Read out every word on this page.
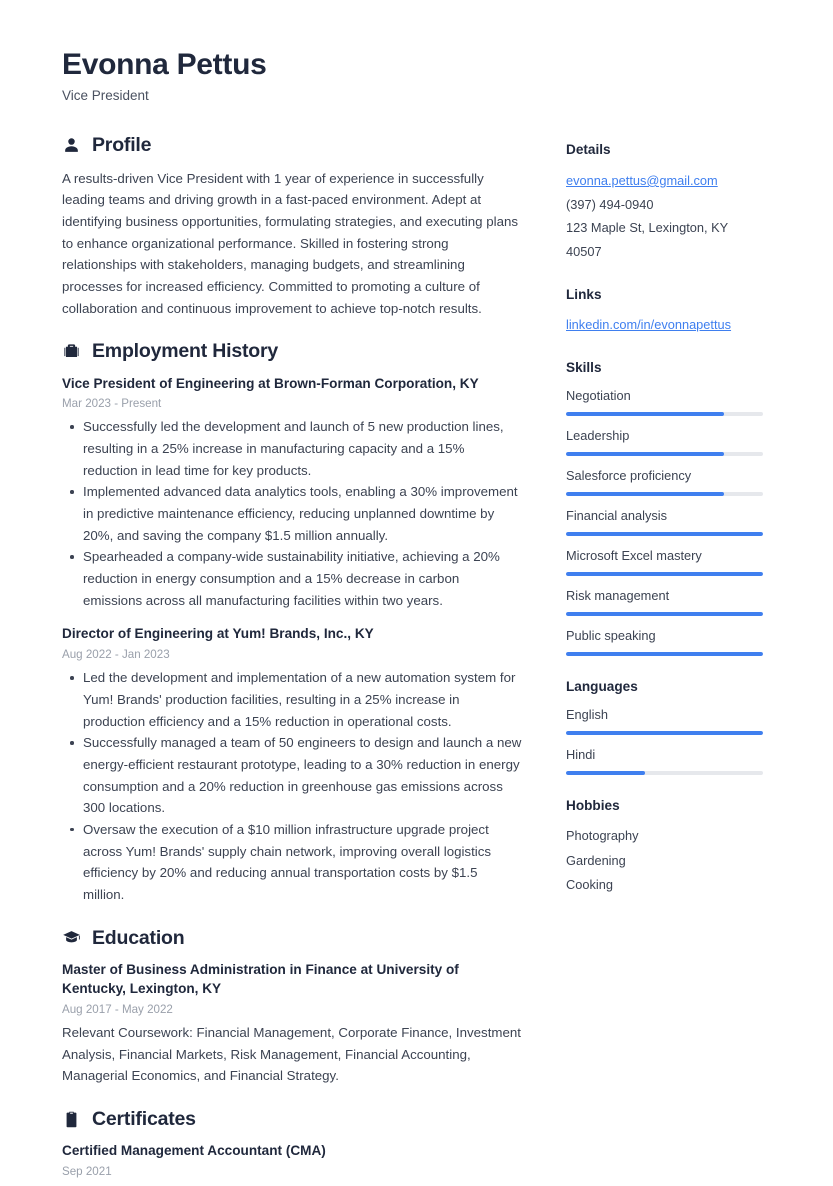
Evonna Pettus
Vice President
Profile

A results-driven Vice President with 1 year of experience in successfully leading teams and driving growth in a fast-paced environment. Adept at identifying business opportunities, formulating strategies, and executing plans to enhance organizational performance. Skilled in fostering strong relationships with stakeholders, managing budgets, and streamlining processes for increased efficiency. Committed to promoting a culture of collaboration and continuous improvement to achieve top-notch results.

Employment History
Vice President of Engineering at Brown-Forman Corporation, KY
Mar 2023 - Present
Successfully led the development and launch of 5 new production lines, resulting in a 25% increase in manufacturing capacity and a 15% reduction in lead time for key products.
Implemented advanced data analytics tools, enabling a 30% improvement in predictive maintenance efficiency, reducing unplanned downtime by 20%, and saving the company $1.5 million annually.
Spearheaded a company-wide sustainability initiative, achieving a 20% reduction in energy consumption and a 15% decrease in carbon emissions across all manufacturing facilities within two years.
Director of Engineering at Yum! Brands, Inc., KY
Aug 2022 - Jan 2023
Led the development and implementation of a new automation system for Yum! Brands' production facilities, resulting in a 25% increase in production efficiency and a 15% reduction in operational costs.
Successfully managed a team of 50 engineers to design and launch a new energy-efficient restaurant prototype, leading to a 30% reduction in energy consumption and a 20% reduction in greenhouse gas emissions across 300 locations.
Oversaw the execution of a $10 million infrastructure upgrade project across Yum! Brands' supply chain network, improving overall logistics efficiency by 20% and reducing annual transportation costs by $1.5 million.
Education
Master of Business Administration in Finance at University of Kentucky, Lexington, KY
Aug 2017 - May 2022
Relevant Coursework: Financial Management, Corporate Finance, Investment Analysis, Financial Markets, Risk Management, Financial Accounting, Managerial Economics, and Financial Strategy.
Certificates
Certified Management Accountant (CMA)
Sep 2021
Details
evonna.pettus@gmail.com
(397) 494-0940
123 Maple St, Lexington, KY 40507
Links
linkedin.com/in/evonnapettus
Skills
Negotiation
Leadership
Salesforce proficiency
Financial analysis
Microsoft Excel mastery
Risk management
Public speaking
Languages
English
Hindi
Hobbies
Photography
Gardening
Cooking
